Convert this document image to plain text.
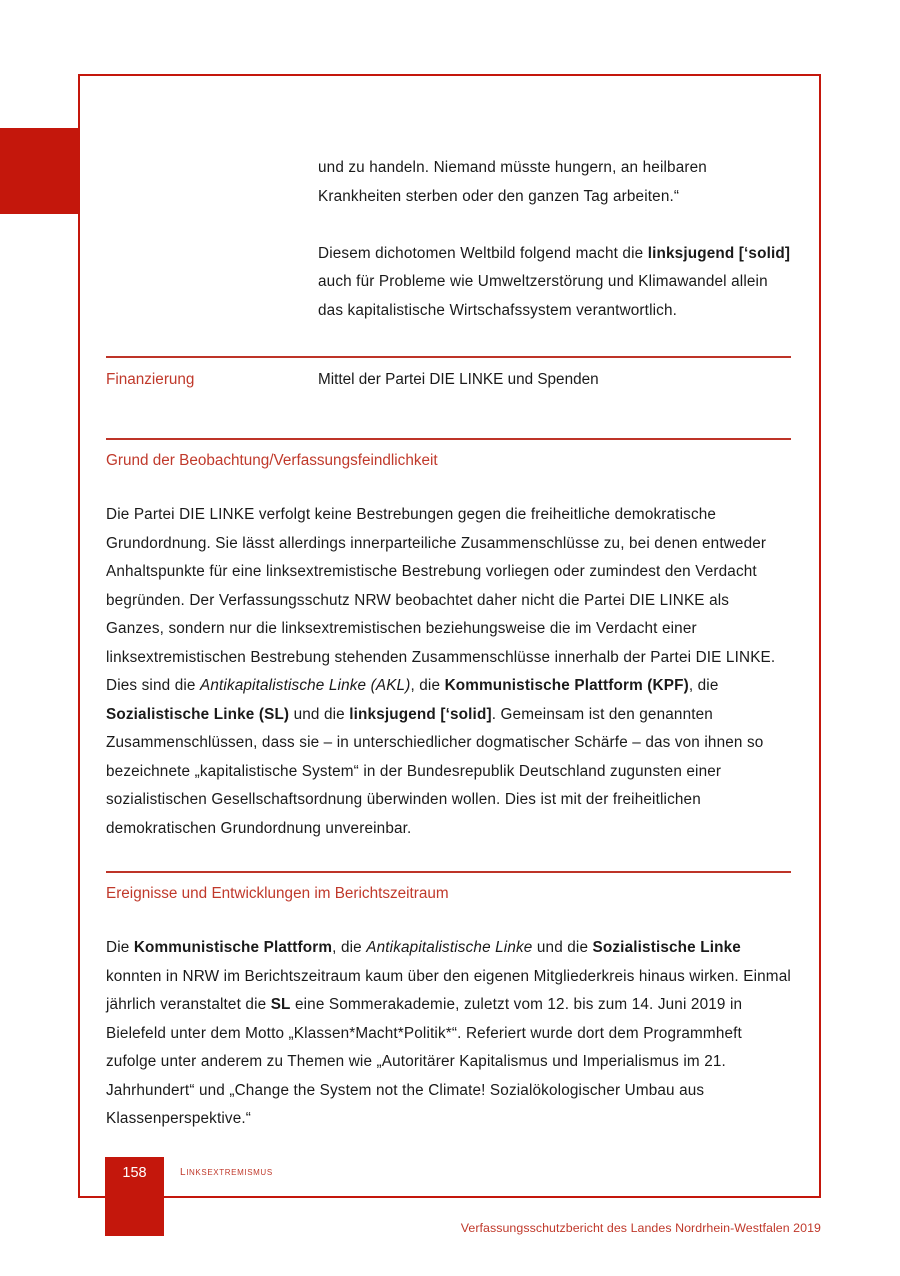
und zu handeln. Niemand müsste hungern, an heilbaren Krankheiten sterben oder den ganzen Tag arbeiten.“

Diesem dichotomen Weltbild folgend macht die linksjugend [‘solid] auch für Probleme wie Umweltzerstörung und Klimawandel allein das kapitalistische Wirtschafssystem verantwortlich.

Finanzierung	Mittel der Partei DIE LINKE und Spenden
Grund der Beobachtung/Verfassungsfeindlichkeit

Die Partei DIE LINKE verfolgt keine Bestrebungen gegen die freiheitliche demokratische Grundordnung. Sie lässt allerdings innerparteiliche Zusammenschlüsse zu, bei denen entweder Anhaltspunkte für eine linksextremistische Bestrebung vorliegen oder zumindest den Verdacht begründen. Der Verfassungsschutz NRW beobachtet daher nicht die Partei DIE LINKE als Ganzes, sondern nur die linksextremistischen beziehungsweise die im Verdacht einer linksextremistischen Bestrebung stehenden Zusammenschlüsse innerhalb der Partei DIE LINKE. Dies sind die Antikapitalistische Linke (AKL), die Kommunistische Plattform (KPF), die Sozialistische Linke (SL) und die linksjugend [‘solid]. Gemeinsam ist den genannten Zusammenschlüssen, dass sie – in unterschiedlicher dogmatischer Schärfe – das von ihnen so bezeichnete „kapitalistische System“ in der Bundesrepublik Deutschland zugunsten einer sozialistischen Gesellschaftsordnung überwinden wollen. Dies ist mit der freiheitlichen demokratischen Grundordnung unvereinbar.

Ereignisse und Entwicklungen im Berichtszeitraum

Die Kommunistische Plattform, die Antikapitalistische Linke und die Sozialistische Linke konnten in NRW im Berichtszeitraum kaum über den eigenen Mitgliederkreis hinaus wirken. Einmal jährlich veranstaltet die SL eine Sommerakademie, zuletzt vom 12. bis zum 14. Juni 2019 in Bielefeld unter dem Motto „Klassen*Macht*Politik*“. Referiert wurde dort dem Programmheft zufolge unter anderem zu Themen wie „Autoritärer Kapitalismus und Imperialismus im 21. Jahrhundert“ und „Change the System not the Climate! Sozialökologischer Umbau aus Klassenperspektive.“

158	linksextremismus
Verfassungsschutzbericht des Landes Nordrhein-Westfalen 2019
